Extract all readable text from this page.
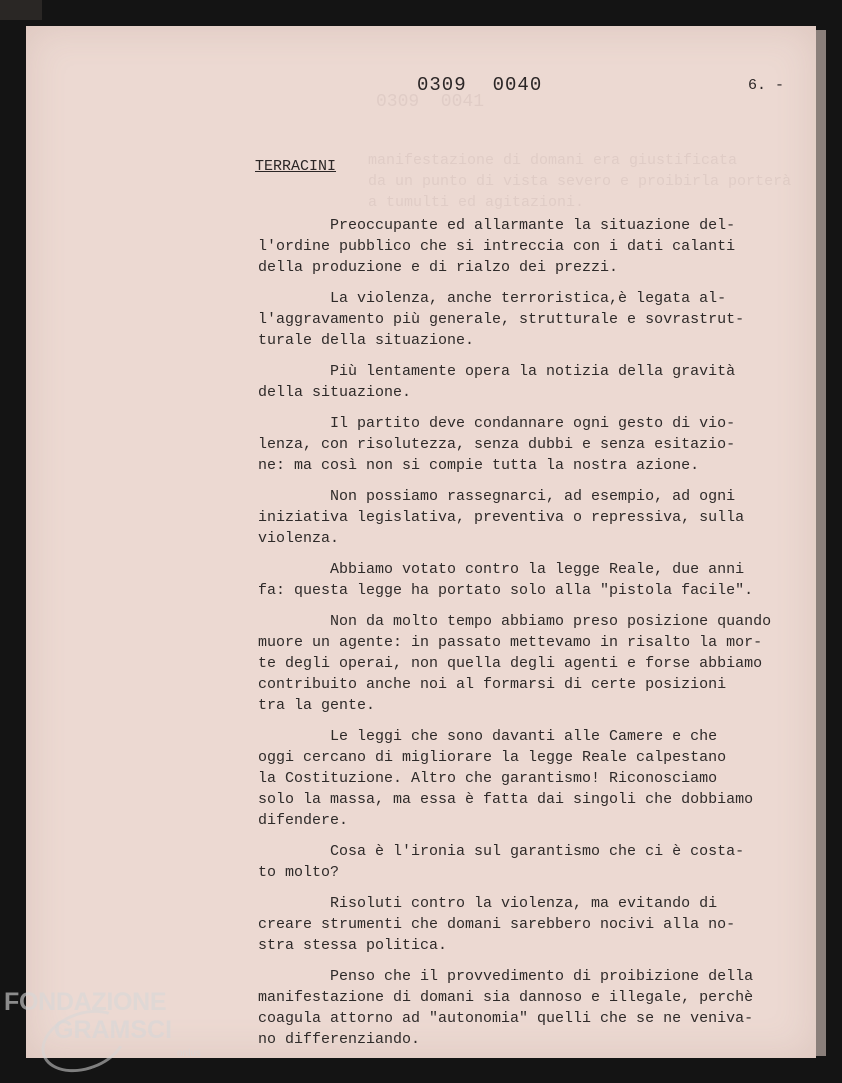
0309  0041
manifestazione di domani era giustificata
da un punto di vista severo e proibirla porterà
a tumulti ed agitazioni.
0309 0040	6. -
TERRACINI

Preoccupante ed allarmante la situazione del-
l'ordine pubblico che si intreccia con i dati calanti
della produzione e di rialzo dei prezzi.

La violenza, anche terroristica,è legata al-
l'aggravamento più generale, strutturale e sovrastrut-
turale della situazione.

Più lentamente opera la notizia della gravità
della situazione.

Il partito deve condannare ogni gesto di vio-
lenza, con risolutezza, senza dubbi e senza esitazio-
ne: ma così non si compie tutta la nostra azione.

Non possiamo rassegnarci, ad esempio, ad ogni
iniziativa legislativa, preventiva o repressiva, sulla
violenza.

Abbiamo votato contro la legge Reale, due anni
fa: questa legge ha portato solo alla "pistola facile".

Non da molto tempo abbiamo preso posizione quando
muore un agente: in passato mettevamo in risalto la mor-
te degli operai, non quella degli agenti e forse abbiamo
contribuito anche noi al formarsi di certe posizioni
tra la gente.

Le leggi che sono davanti alle Camere e che
oggi cercano di migliorare la legge Reale calpestano
la Costituzione. Altro che garantismo! Riconosciamo
solo la massa, ma essa è fatta dai singoli che dobbiamo
difendere.

Cosa è l'ironia sul garantismo che ci è costa-
to molto?

Risoluti contro la violenza, ma evitando di
creare strumenti che domani sarebbero nocivi alla no-
stra stessa politica.

Penso che il provvedimento di proibizione della
manifestazione di domani sia dannoso e illegale, perchè
coagula attorno ad "autonomia" quelli che se ne veniva-
no differenziando.

FONDAZIONE
GRAMSCI
onlus
